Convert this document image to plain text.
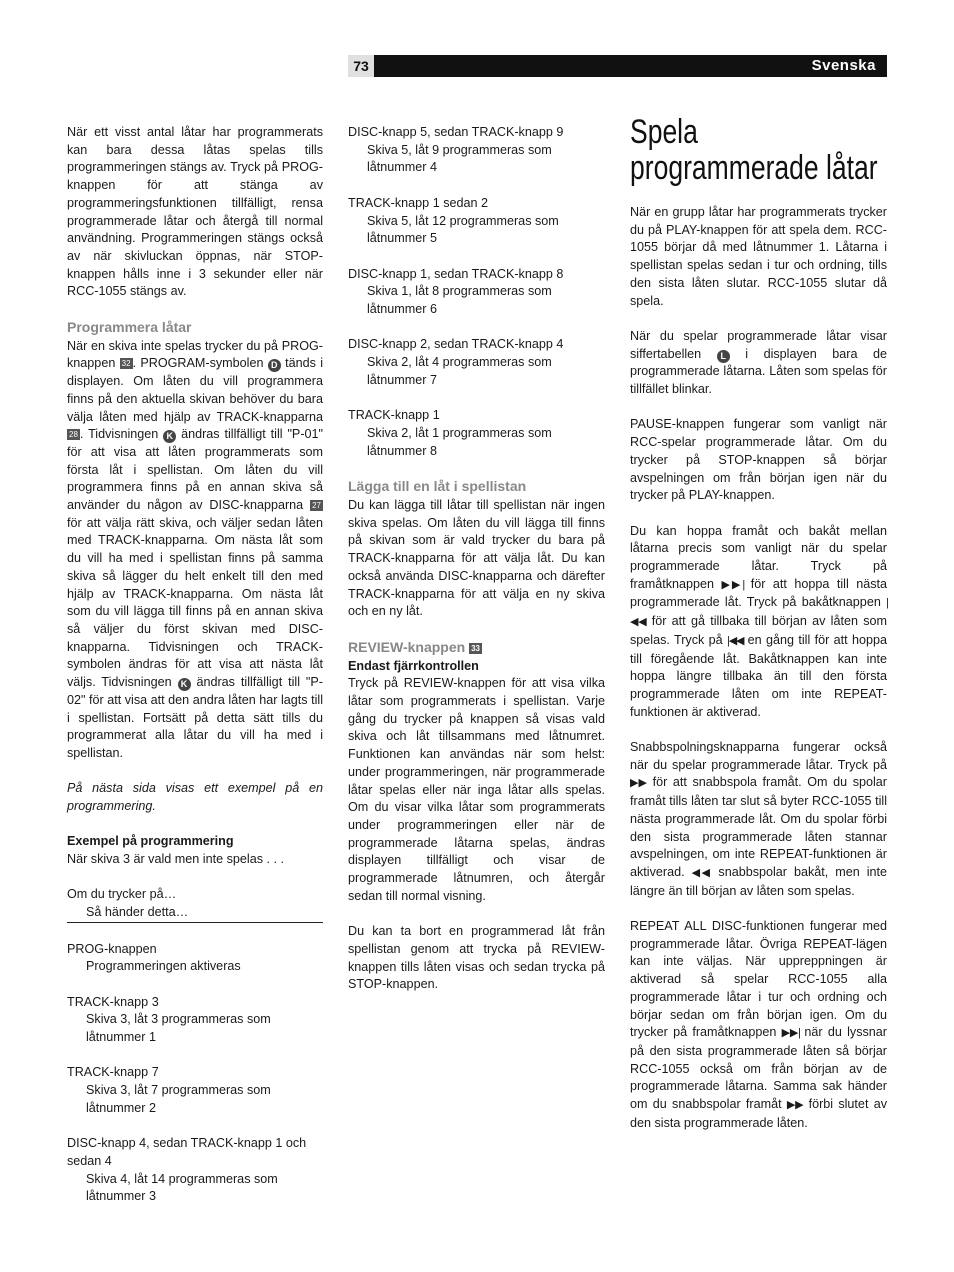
73	Svenska

När ett visst antal låtar har programmerats kan bara dessa låtas spelas tills programmeringen stängs av. Tryck på PROG-knappen för att stänga av programmeringsfunktionen tillfälligt, rensa programmerade låtar och återgå till normal användning. Programmeringen stängs också av när skivluckan öppnas, när STOP-knappen hålls inne i 3 sekunder eller när RCC-1055 stängs av.

Programmera låtar

När en skiva inte spelas trycker du på PROG-knappen 32 . PROGRAM-symbolen D tänds i displayen. Om låten du vill programmera finns på den aktuella skivan behöver du bara välja låten med hjälp av TRACK-knapparna 28 . Tidvisningen K ändras tillfälligt till "P-01" för att visa att låten programmerats som första låt i spellistan. Om låten du vill programmera finns på en annan skiva så använder du någon av DISC-knapparna 27 för att välja rätt skiva, och väljer sedan låten med TRACK-knapparna. Om nästa låt som du vill ha med i spellistan finns på samma skiva så lägger du helt enkelt till den med hjälp av TRACK-knapparna. Om nästa låt som du vill lägga till finns på en annan skiva så väljer du först skivan med DISC-knapparna. Tidvisningen och TRACK-symbolen ändras för att visa att nästa låt väljs. Tidvisningen K ändras tillfälligt till "P-02" för att visa att den andra låten har lagts till i spellistan. Fortsätt på detta sätt tills du programmerat alla låtar du vill ha med i spellistan.

På nästa sida visas ett exempel på en programmering.

Exempel på programmering

När skiva 3 är vald men inte spelas . . .

Om du trycker på…
Så händer detta…
PROG-knappen
Programmeringen aktiveras
TRACK-knapp 3
Skiva 3, låt 3 programmeras som låtnummer 1
TRACK-knapp 7
Skiva 3, låt 7 programmeras som låtnummer 2
DISC-knapp 4, sedan TRACK-knapp 1 och sedan 4
Skiva 4, låt 14 programmeras som låtnummer 3
DISC-knapp 5, sedan TRACK-knapp 9
Skiva 5, låt 9 programmeras som låtnummer 4
TRACK-knapp 1 sedan 2
Skiva 5, låt 12 programmeras som låtnummer 5
DISC-knapp 1, sedan TRACK-knapp 8
Skiva 1, låt 8 programmeras som låtnummer 6
DISC-knapp 2, sedan TRACK-knapp 4
Skiva 2, låt 4 programmeras som låtnummer 7
TRACK-knapp 1
Skiva 2, låt 1 programmeras som låtnummer 8
Lägga till en låt i spellistan

Du kan lägga till låtar till spellistan när ingen skiva spelas. Om låten du vill lägga till finns på skivan som är vald trycker du bara på TRACK-knapparna för att välja låt. Du kan också använda DISC-knapparna och därefter TRACK-knapparna för att välja en ny skiva och en ny låt.

REVIEW-knappen 33
Endast fjärrkontrollen

Tryck på REVIEW-knappen för att visa vilka låtar som programmerats i spellistan. Varje gång du trycker på knappen så visas vald skiva och låt tillsammans med låtnumret. Funktionen kan användas när som helst: under programmeringen, när programmerade låtar spelas eller när inga låtar alls spelas. Om du visar vilka låtar som programmerats under programmeringen eller när de programmerade låtarna spelas, ändras displayen tillfälligt och visar de programmerade låtnumren, och återgår sedan till normal visning.

Du kan ta bort en programmerad låt från spellistan genom att trycka på REVIEW-knappen tills låten visas och sedan trycka på STOP-knappen.

Spela programmerade låtar

När en grupp låtar har programmerats trycker du på PLAY-knappen för att spela dem. RCC-1055 börjar då med låtnummer 1. Låtarna i spellistan spelas sedan i tur och ordning, tills den sista låten slutar. RCC-1055 slutar då spela.

När du spelar programmerade låtar visar siffertabellen L i displayen bara de programmerade låtarna. Låten som spelas för tillfället blinkar.

PAUSE-knappen fungerar som vanligt när RCC-spelar programmerade låtar. Om du trycker på STOP-knappen så börjar avspelningen om från början igen när du trycker på PLAY-knappen.

Du kan hoppa framåt och bakåt mellan låtarna precis som vanligt när du spelar programmerade låtar. Tryck på framåtknappen ▶▶| för att hoppa till nästa programmerade låt. Tryck på bakåtknappen |◀◀ för att gå tillbaka till början av låten som spelas. Tryck på |◀◀ en gång till för att hoppa till föregående låt. Bakåtknappen kan inte hoppa längre tillbaka än till den första programmerade låten om inte REPEAT-funktionen är aktiverad.

Snabbspolningsknapparna fungerar också när du spelar programmerade låtar. Tryck på ▶▶ för att snabbspola framåt. Om du spolar framåt tills låten tar slut så byter RCC-1055 till nästa programmerade låt. Om du spolar förbi den sista programmerade låten stannar avspelningen, om inte REPEAT-funktionen är aktiverad. ◀◀ snabbspolar bakåt, men inte längre än till början av låten som spelas.

REPEAT ALL DISC-funktionen fungerar med programmerade låtar. Övriga REPEAT-lägen kan inte väljas. När uppreppningen är aktiverad så spelar RCC-1055 alla programmerade låtar i tur och ordning och börjar sedan om från början igen. Om du trycker på framåtknappen ▶▶| när du lyssnar på den sista programmerade låten så börjar RCC-1055 också om från början av de programmerade låtarna. Samma sak händer om du snabbspolar framåt ▶▶ förbi slutet av den sista programmerade låten.
